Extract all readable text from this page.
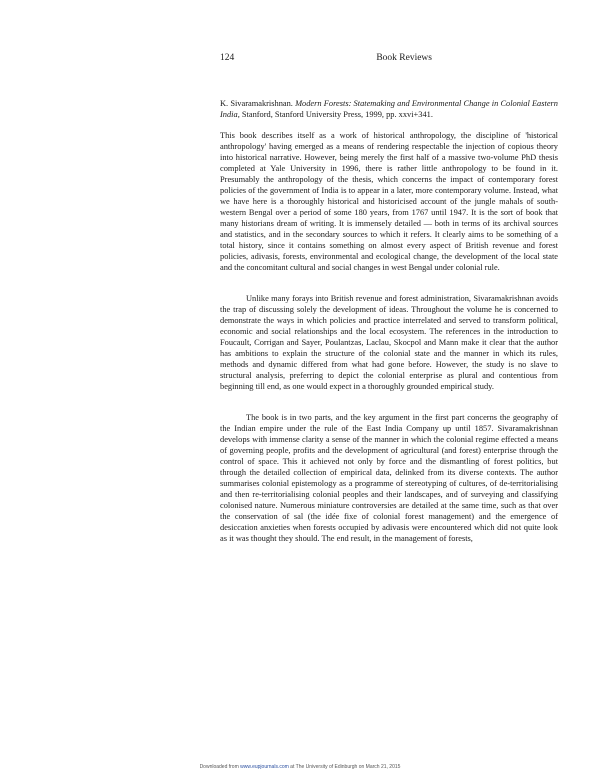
124	Book Reviews
K. Sivaramakrishnan. Modern Forests: Statemaking and Environmental Change in Colonial Eastern India, Stanford, Stanford University Press, 1999, pp. xxvi+341.

This book describes itself as a work of historical anthropology, the discipline of 'historical anthropology' having emerged as a means of rendering respectable the injection of copious theory into historical narrative. However, being merely the first half of a massive two-volume PhD thesis completed at Yale University in 1996, there is rather little anthropology to be found in it. Presumably the anthropology of the thesis, which concerns the impact of contemporary forest policies of the government of India is to appear in a later, more contemporary volume. Instead, what we have here is a thoroughly historical and historicised account of the jungle mahals of south-western Bengal over a period of some 180 years, from 1767 until 1947. It is the sort of book that many historians dream of writing. It is immensely detailed — both in terms of its archival sources and statistics, and in the secondary sources to which it refers. It clearly aims to be something of a total history, since it contains something on almost every aspect of British revenue and forest policies, adivasis, forests, environmental and ecological change, the development of the local state and the concomitant cultural and social changes in west Bengal under colonial rule.

Unlike many forays into British revenue and forest administration, Sivaramakrishnan avoids the trap of discussing solely the development of ideas. Throughout the volume he is concerned to demonstrate the ways in which policies and practice interrelated and served to transform political, economic and social relationships and the local ecosystem. The references in the introduction to Foucault, Corrigan and Sayer, Poulantzas, Laclau, Skocpol and Mann make it clear that the author has ambitions to explain the structure of the colonial state and the manner in which its rules, methods and dynamic differed from what had gone before. However, the study is no slave to structural analysis, preferring to depict the colonial enterprise as plural and contentious from beginning till end, as one would expect in a thoroughly grounded empirical study.

The book is in two parts, and the key argument in the first part concerns the geography of the Indian empire under the rule of the East India Company up until 1857. Sivaramakrishnan develops with immense clarity a sense of the manner in which the colonial regime effected a means of governing people, profits and the development of agricultural (and forest) enterprise through the control of space. This it achieved not only by force and the dismantling of forest politics, but through the detailed collection of empirical data, delinked from its diverse contexts. The author summarises colonial epistemology as a programme of stereotyping of cultures, of de-territorialising and then re-territorialising colonial peoples and their landscapes, and of surveying and classifying colonised nature. Numerous miniature controversies are detailed at the same time, such as that over the conservation of sal (the idée fixe of colonial forest management) and the emergence of desiccation anxieties when forests occupied by adivasis were encountered which did not quite look as it was thought they should. The end result, in the management of forests,

Downloaded from www.eupjournals.com at The University of Edinburgh on March 21, 2015
